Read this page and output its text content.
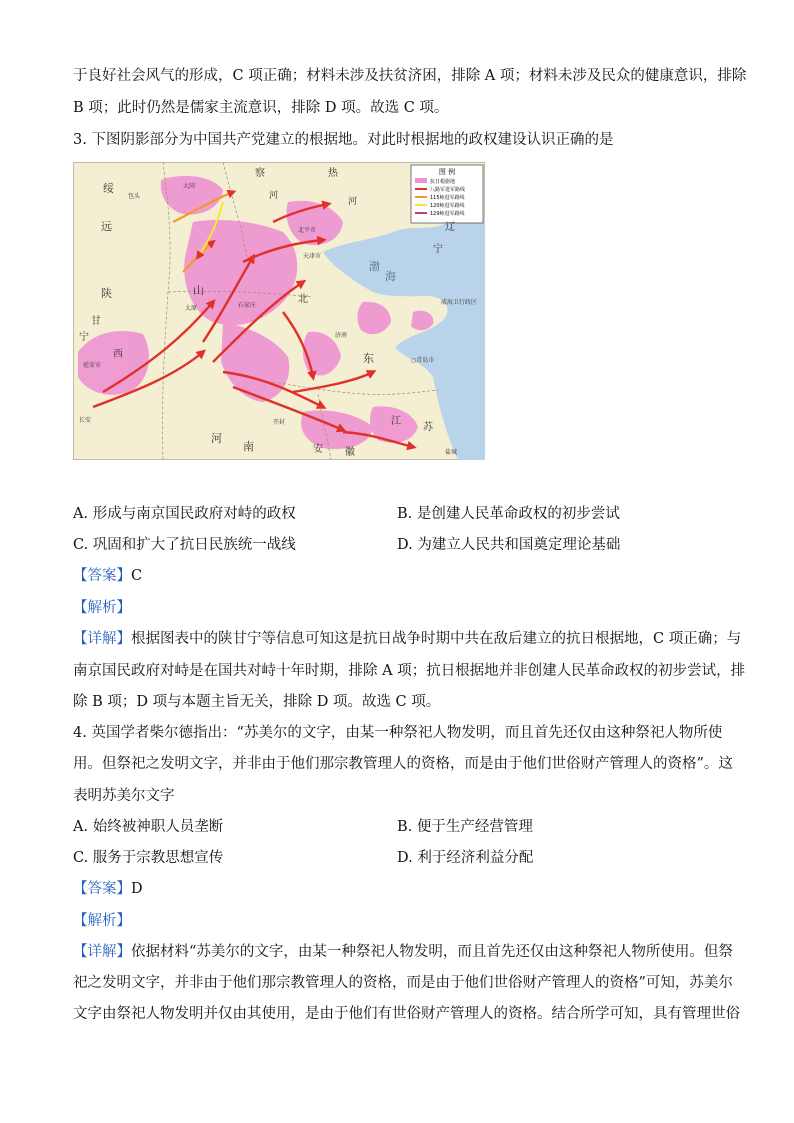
于良好社会风气的形成，C 项正确；材料未涉及扶贫济困，排除 A 项；材料未涉及民众的健康意识，排除
B 项；此时仍然是儒家主流意识，排除 D 项。故选 C 项。
3. 下图阴影部分为中国共产党建立的根据地。对此时根据地的政权建设认识正确的是
图 例
抗日根据地
八路军进军路线
115师进军路线
120师进军路线
129师进军路线
绥
远
察
河
热
河
辽
宁
陕
甘
宁
西
山
北
河
南	安 徽
江
苏
东
渤
海
延安市
北平市
天津市
○青岛市
威海卫行政区
长安
盐城
开封
大同
包头
济南
太原	石家庄
A. 形成与南京国民政府对峙的政权	B. 是创建人民革命政权的初步尝试
C. 巩固和扩大了抗日民族统一战线	D. 为建立人民共和国奠定理论基础
【答案】C
【解析】
【详解】根据图表中的陕甘宁等信息可知这是抗日战争时期中共在敌后建立的抗日根据地，C 项正确；与
南京国民政府对峙是在国共对峙十年时期，排除 A 项；抗日根据地并非创建人民革命政权的初步尝试，排
除 B 项；D 项与本题主旨无关，排除 D 项。故选 C 项。
4. 英国学者柴尔德指出：“苏美尔的文字，由某一种祭祀人物发明，而且首先还仅由这种祭祀人物所使
用。但祭祀之发明文字，并非由于他们那宗教管理人的资格，而是由于他们世俗财产管理人的资格”。这
表明苏美尔文字
A. 始终被神职人员垄断	B. 便于生产经营管理
C. 服务于宗教思想宣传	D. 利于经济利益分配
【答案】D
【解析】
【详解】依据材料“苏美尔的文字，由某一种祭祀人物发明，而且首先还仅由这种祭祀人物所使用。但祭
祀之发明文字，并非由于他们那宗教管理人的资格，而是由于他们世俗财产管理人的资格”可知，苏美尔
文字由祭祀人物发明并仅由其使用，是由于他们有世俗财产管理人的资格。结合所学可知，具有管理世俗
